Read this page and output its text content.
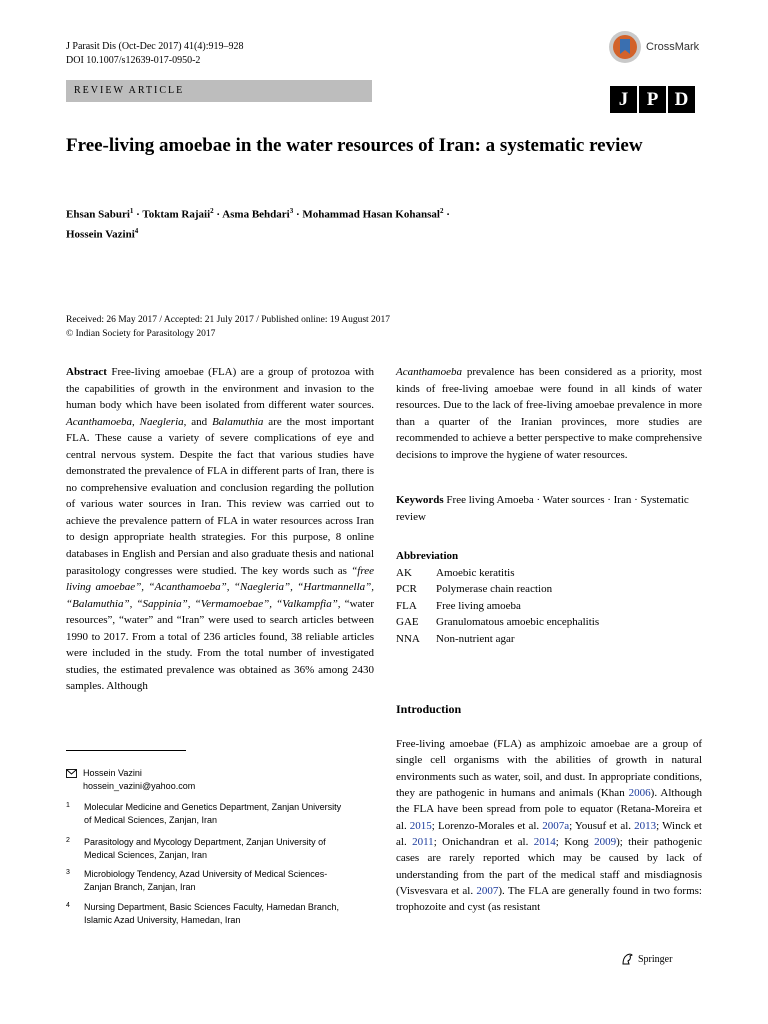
J Parasit Dis (Oct-Dec 2017) 41(4):919–928
DOI 10.1007/s12639-017-0950-2
CrossMark
REVIEW ARTICLE	J P D
Free-living amoebae in the water resources of Iran: a systematic review
Ehsan Saburi$^1$ · Toktam Rajaii$^2$ · Asma Behdari$^3$ · Mohammad Hasan Kohansal$^2$ ·
Hossein Vazini$^4$
Received: 26 May 2017 / Accepted: 21 July 2017 / Published online: 19 August 2017
© Indian Society for Parasitology 2017
Abstract Free-living amoebae (FLA) are a group of protozoa with the capabilities of growth in the environment and invasion to the human body which have been isolated from different water sources. Acanthamoeba, Naegleria, and Balamuthia are the most important FLA. These cause a variety of severe complications of eye and central nervous system. Despite the fact that various studies have demonstrated the prevalence of FLA in different parts of Iran, there is no comprehensive evaluation and conclusion regarding the pollution of various water sources in Iran. This review was carried out to achieve the prevalence pattern of FLA in water resources across Iran to design appropriate health strategies. For this purpose, 8 online databases in English and Persian and also graduate thesis and national parasitology congresses were studied. The key words such as “free living amoebae”, “Acanthamoeba”, “Naegleria”, “Hartmannella”, “Balamuthia”, “Sappinia”, “Vermamoebae”, “Valkampfia”, “water resources”, “water” and “Iran” were used to search articles between 1990 to 2017. From a total of 236 articles found, 38 reliable articles were included in the study. From the total number of investigated studies, the estimated prevalence was obtained as 36% among 2430 samples. Although
Acanthamoeba prevalence has been considered as a priority, most kinds of free-living amoebae were found in all kinds of water resources. Due to the lack of free-living amoebae prevalence in more than a quarter of the Iranian provinces, more studies are recommended to achieve a better perspective to make comprehensive decisions to improve the hygiene of water resources.
Keywords Free living Amoeba · Water sources · Iran · Systematic review
Abbreviation
AK	Amoebic keratitis
PCR	Polymerase chain reaction
FLA	Free living amoeba
GAE	Granulomatous amoebic encephalitis
NNA	Non-nutrient agar
Introduction
Free-living amoebae (FLA) as amphizoic amoebae are a group of single cell organisms with the abilities of growth in natural environments such as water, soil, and dust. In appropriate conditions, they are pathogenic in humans and animals (Khan 2006). Although the FLA have been spread from pole to equator (Retana-Moreira et al. 2015; Lorenzo-Morales et al. 2007a; Yousuf et al. 2013; Winck et al. 2011; Onichandran et al. 2014; Kong 2009); their pathogenic cases are rarely reported which may be caused by lack of understanding from the part of the medical staff and misdiagnosis (Visvesvara et al. 2007). The FLA are generally found in two forms: trophozoite and cyst (as resistant
Hossein Vazini
hossein_vazini@yahoo.com
1	Molecular Medicine and Genetics Department, Zanjan University of Medical Sciences, Zanjan, Iran
2	Parasitology and Mycology Department, Zanjan University of Medical Sciences, Zanjan, Iran
3	Microbiology Tendency, Azad University of Medical Sciences-Zanjan Branch, Zanjan, Iran
4	Nursing Department, Basic Sciences Faculty, Hamedan Branch, Islamic Azad University, Hamedan, Iran
Springer
